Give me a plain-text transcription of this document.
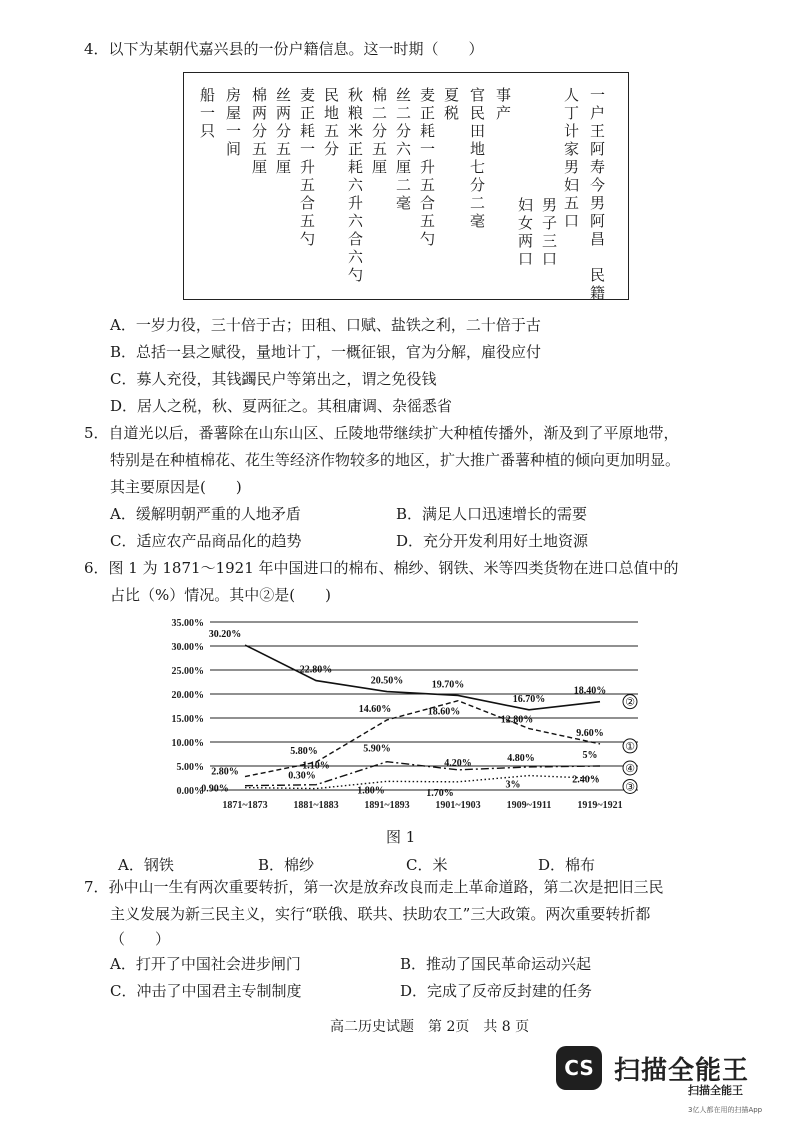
4．以下为某朝代嘉兴县的一份户籍信息。这一时期（　　）
一户王阿寿今男阿昌　民籍
人丁计家男妇五口
男子三口
妇女两口
事产
官民田地七分二毫
夏税
麦正耗一升五合五勺
丝二分六厘二毫
棉二分五厘
秋粮米正耗六升六合六勺
民地五分
麦正耗一升五合五勺
丝两分五厘
棉两分五厘
房屋一间
船一只
A．一岁力役，三十倍于古；田租、口赋、盐铁之利，二十倍于古
B．总括一县之赋役，量地计丁，一概征银，官为分解，雇役应付
C．募人充役，其钱蠲民户等第出之，谓之免役钱
D．居人之税，秋、夏两征之。其租庸调、杂徭悉省
5．自道光以后，番薯除在山东山区、丘陵地带继续扩大种植传播外，渐及到了平原地带，
特别是在种植棉花、花生等经济作物较多的地区，扩大推广番薯种植的倾向更加明显。
其主要原因是(　　)
A．缓解明朝严重的人地矛盾	B．满足人口迅速增长的需要
C．适应农产品商品化的趋势	D．充分开发利用好土地资源
6．图 1 为 1871～1921 年中国进口的棉布、棉纱、钢铁、米等四类货物在进口总值中的
占比（%）情况。其中②是(　　)
35.00%
30.00%
25.00%
20.00%
15.00%
10.00%
5.00%
0.00%
1871~1873	1881~1883	1891~1893	1901~1903	1909~1911	1919~1921
30.20%
22.80%
20.50%	19.70%
16.70%
18.40%
②
2.80%
5.80%
14.60%	18.60%
12.80%
9.60%
①
0.90%
1.10%
5.90%
4.20%	4.80%	5%
④
0.30%
1.80%	1.70%
3%	2.40%
③
图 1
A．钢铁	B．棉纱	C．米	D．棉布
7．孙中山一生有两次重要转折，第一次是放弃改良而走上革命道路，第二次是把旧三民
主义发展为新三民主义，实行“联俄、联共、扶助农工”三大政策。两次重要转折都
（　　）
A．打开了中国社会进步闸门	B．推动了国民革命运动兴起
C．冲击了中国君主专制制度	D．完成了反帝反封建的任务
高二历史试题　第 2页　共 8 页
CS 扫描全能王
扫描全能王
3亿人都在用的扫描App
